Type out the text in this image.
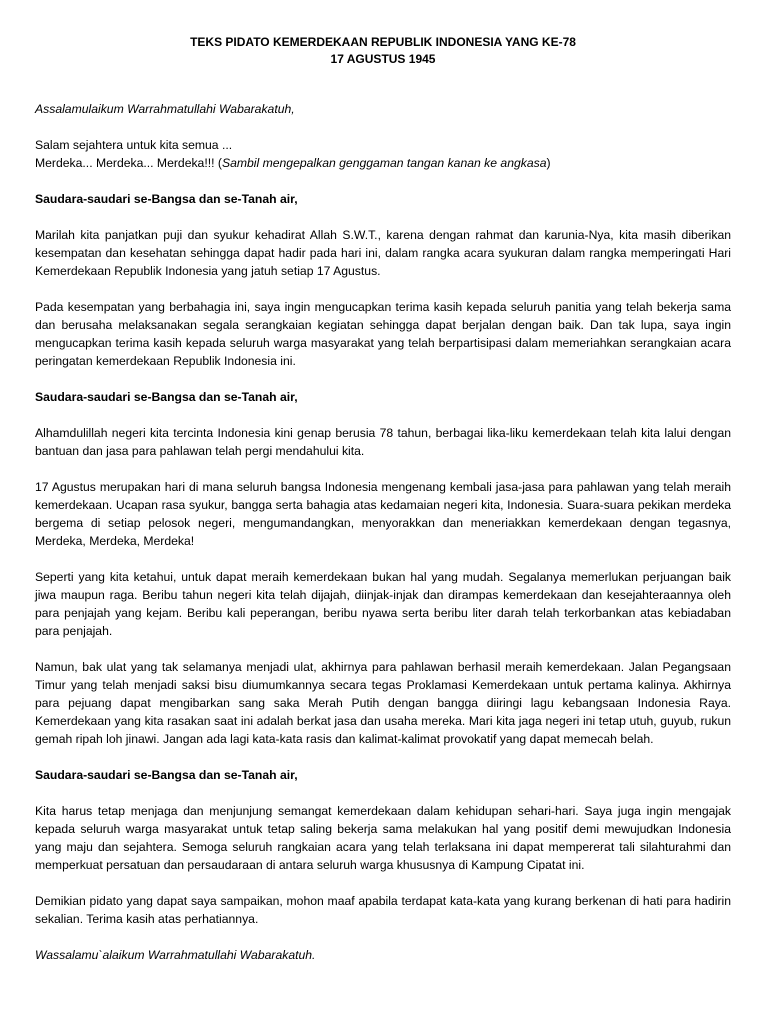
TEKS PIDATO KEMERDEKAAN REPUBLIK INDONESIA YANG KE-78

17 AGUSTUS 1945

Assalamulaikum Warrahmatullahi Wabarakatuh,

Salam sejahtera untuk kita semua ...

Merdeka... Merdeka... Merdeka!!! (Sambil mengepalkan genggaman tangan kanan ke angkasa)

Saudara-saudari se-Bangsa dan se-Tanah air,

Marilah kita panjatkan puji dan syukur kehadirat Allah S.W.T., karena dengan rahmat dan karunia-Nya, kita masih diberikan kesempatan dan kesehatan sehingga dapat hadir pada hari ini, dalam rangka acara syukuran dalam rangka memperingati Hari Kemerdekaan Republik Indonesia yang jatuh setiap 17 Agustus.

Pada kesempatan yang berbahagia ini, saya ingin mengucapkan terima kasih kepada seluruh panitia yang telah bekerja sama dan berusaha melaksanakan segala serangkaian kegiatan sehingga dapat berjalan dengan baik. Dan tak lupa, saya ingin mengucapkan terima kasih kepada seluruh warga masyarakat yang telah berpartisipasi dalam memeriahkan serangkaian acara peringatan kemerdekaan Republik Indonesia ini.

Saudara-saudari se-Bangsa dan se-Tanah air,

Alhamdulillah negeri kita tercinta Indonesia kini genap berusia 78 tahun, berbagai lika-liku kemerdekaan telah kita lalui dengan bantuan dan jasa para pahlawan telah pergi mendahului kita.

17 Agustus merupakan hari di mana seluruh bangsa Indonesia mengenang kembali jasa-jasa para pahlawan yang telah meraih kemerdekaan. Ucapan rasa syukur, bangga serta bahagia atas kedamaian negeri kita, Indonesia. Suara-suara pekikan merdeka bergema di setiap pelosok negeri, mengumandangkan, menyorakkan dan meneriakkan kemerdekaan dengan tegasnya, Merdeka, Merdeka, Merdeka!

Seperti yang kita ketahui, untuk dapat meraih kemerdekaan bukan hal yang mudah. Segalanya memerlukan perjuangan baik jiwa maupun raga. Beribu tahun negeri kita telah dijajah, diinjak-injak dan dirampas kemerdekaan dan kesejahteraannya oleh para penjajah yang kejam. Beribu kali peperangan, beribu nyawa serta beribu liter darah telah terkorbankan atas kebiadaban para penjajah.

Namun, bak ulat yang tak selamanya menjadi ulat, akhirnya para pahlawan berhasil meraih kemerdekaan. Jalan Pegangsaan Timur yang telah menjadi saksi bisu diumumkannya secara tegas Proklamasi Kemerdekaan untuk pertama kalinya. Akhirnya para pejuang dapat mengibarkan sang saka Merah Putih dengan bangga diiringi lagu kebangsaan Indonesia Raya. Kemerdekaan yang kita rasakan saat ini adalah berkat jasa dan usaha mereka. Mari kita jaga negeri ini tetap utuh, guyub, rukun gemah ripah loh jinawi. Jangan ada lagi kata-kata rasis dan kalimat-kalimat provokatif yang dapat memecah belah.

Saudara-saudari se-Bangsa dan se-Tanah air,

Kita harus tetap menjaga dan menjunjung semangat kemerdekaan dalam kehidupan sehari-hari. Saya juga ingin mengajak kepada seluruh warga masyarakat untuk tetap saling bekerja sama melakukan hal yang positif demi mewujudkan Indonesia yang maju dan sejahtera. Semoga seluruh rangkaian acara yang telah terlaksana ini dapat mempererat tali silahturahmi dan memperkuat persatuan dan persaudaraan di antara seluruh warga khususnya di Kampung Cipatat ini.

Demikian pidato yang dapat saya sampaikan, mohon maaf apabila terdapat kata-kata yang kurang berkenan di hati para hadirin sekalian. Terima kasih atas perhatiannya.

Wassalamu`alaikum Warrahmatullahi Wabarakatuh.
